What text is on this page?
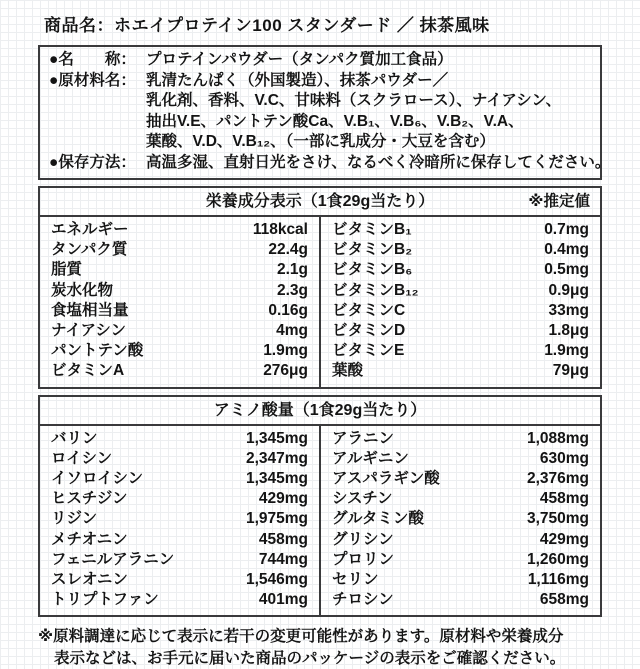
商品名：ホエイプロテイン100 スタンダード ／ 抹茶風味
●名　　称： プロテインパウダー（タンパク質加工食品）
●原材料名： 乳清たんぱく（外国製造）、抹茶パウダー／
乳化剤、香料、V.C、甘味料（スクラロース）、ナイアシン、
抽出V.E、パントテン酸Ca、V.B₁、V.B₆、V.B₂、V.A、
葉酸、V.D、V.B₁₂、（一部に乳成分・大豆を含む）
●保存方法： 高温多湿、直射日光をさけ、なるべく冷暗所に保存してください。
栄養成分表示（1食29g当たり）	※推定値
エネルギー	118kcal
タンパク質	22.4g
脂質	2.1g
炭水化物	2.3g
食塩相当量	0.16g
ナイアシン	4mg
パントテン酸	1.9mg
ビタミンA	276μg
ビタミンB₁	0.7mg
ビタミンB₂	0.4mg
ビタミンB₆	0.5mg
ビタミンB₁₂	0.9μg
ビタミンC	33mg
ビタミンD	1.8μg
ビタミンE	1.9mg
葉酸	79μg
アミノ酸量（1食29g当たり）
バリン	1,345mg
ロイシン	2,347mg
イソロイシン	1,345mg
ヒスチジン	429mg
リジン	1,975mg
メチオニン	458mg
フェニルアラニン	744mg
スレオニン	1,546mg
トリプトファン	401mg
アラニン	1,088mg
アルギニン	630mg
アスパラギン酸	2,376mg
シスチン	458mg
グルタミン酸	3,750mg
グリシン	429mg
プロリン	1,260mg
セリン	1,116mg
チロシン	658mg
※原料調達に応じて表示に若干の変更可能性があります。原材料や栄養成分
表示などは、お手元に届いた商品のパッケージの表示をご確認ください。
